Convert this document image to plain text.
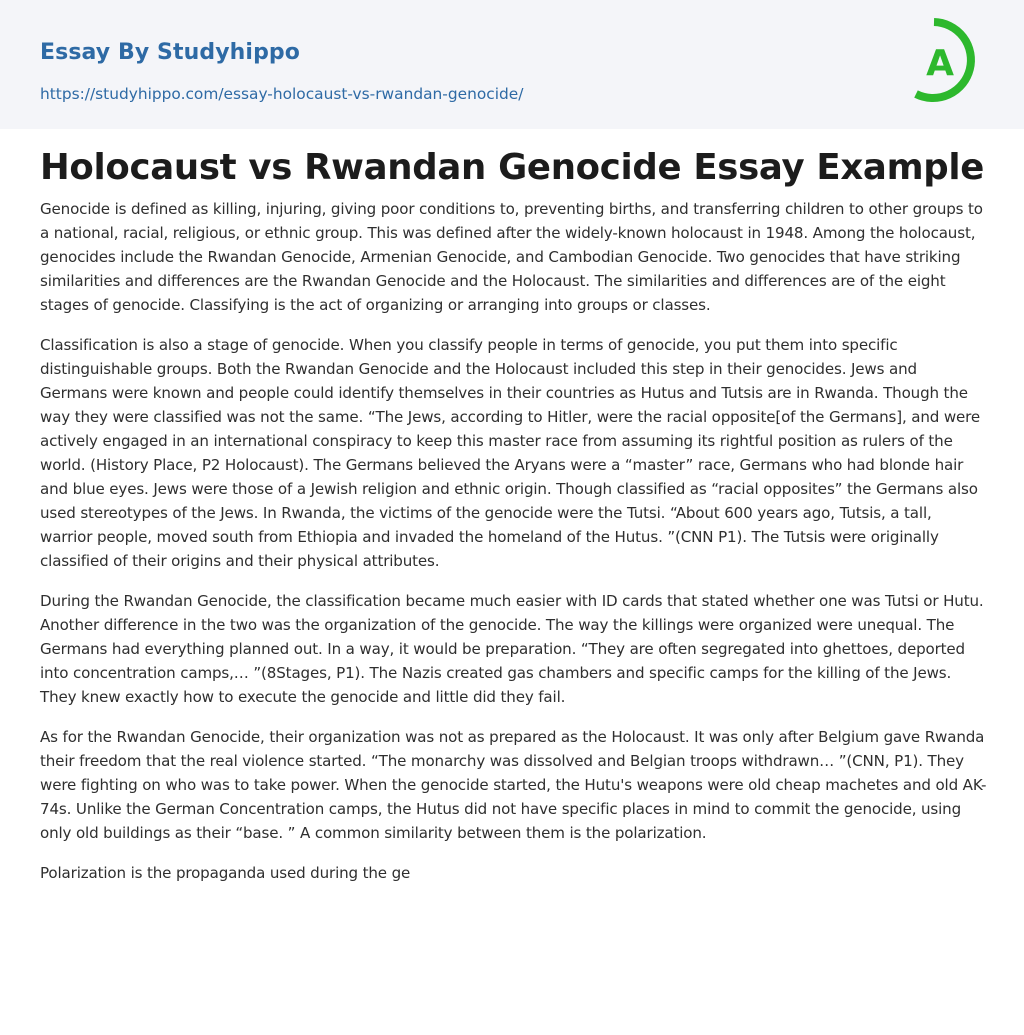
Essay By Studyhippo
https://studyhippo.com/essay-holocaust-vs-rwandan-genocide/
A
Holocaust vs Rwandan Genocide Essay Example

Genocide is defined as killing, injuring, giving poor conditions to, preventing births, and transferring children to other groups to a national, racial, religious, or ethnic group. This was defined after the widely-known holocaust in 1948. Among the holocaust, genocides include the Rwandan Genocide, Armenian Genocide, and Cambodian Genocide. Two genocides that have striking similarities and differences are the Rwandan Genocide and the Holocaust. The similarities and differences are of the eight stages of genocide. Classifying is the act of organizing or arranging into groups or classes.

Classification is also a stage of genocide. When you classify people in terms of genocide, you put them into specific distinguishable groups. Both the Rwandan Genocide and the Holocaust included this step in their genocides. Jews and Germans were known and people could identify themselves in their countries as Hutus and Tutsis are in Rwanda. Though the way they were classified was not the same. “The Jews, according to Hitler, were the racial opposite[of the Germans], and were actively engaged in an international conspiracy to keep this master race from assuming its rightful position as rulers of the world. (History Place, P2 Holocaust). The Germans believed the Aryans were a “master” race, Germans who had blonde hair and blue eyes. Jews were those of a Jewish religion and ethnic origin. Though classified as “racial opposites” the Germans also used stereotypes of the Jews. In Rwanda, the victims of the genocide were the Tutsi. “About 600 years ago, Tutsis, a tall, warrior people, moved south from Ethiopia and invaded the homeland of the Hutus. ”(CNN P1). The Tutsis were originally classified of their origins and their physical attributes.

During the Rwandan Genocide, the classification became much easier with ID cards that stated whether one was Tutsi or Hutu. Another difference in the two was the organization of the genocide. The way the killings were organized were unequal. The Germans had everything planned out. In a way, it would be preparation. “They are often segregated into ghettoes, deported into concentration camps,… ”(8Stages, P1). The Nazis created gas chambers and specific camps for the killing of the Jews. They knew exactly how to execute the genocide and little did they fail.

As for the Rwandan Genocide, their organization was not as prepared as the Holocaust. It was only after Belgium gave Rwanda their freedom that the real violence started. “The monarchy was dissolved and Belgian troops withdrawn… ”(CNN, P1). They were fighting on who was to take power. When the genocide started, the Hutu's weapons were old cheap machetes and old AK-74s. Unlike the German Concentration camps, the Hutus did not have specific places in mind to commit the genocide, using only old buildings as their “base. ” A common similarity between them is the polarization.

Polarization is the propaganda used during the ge
